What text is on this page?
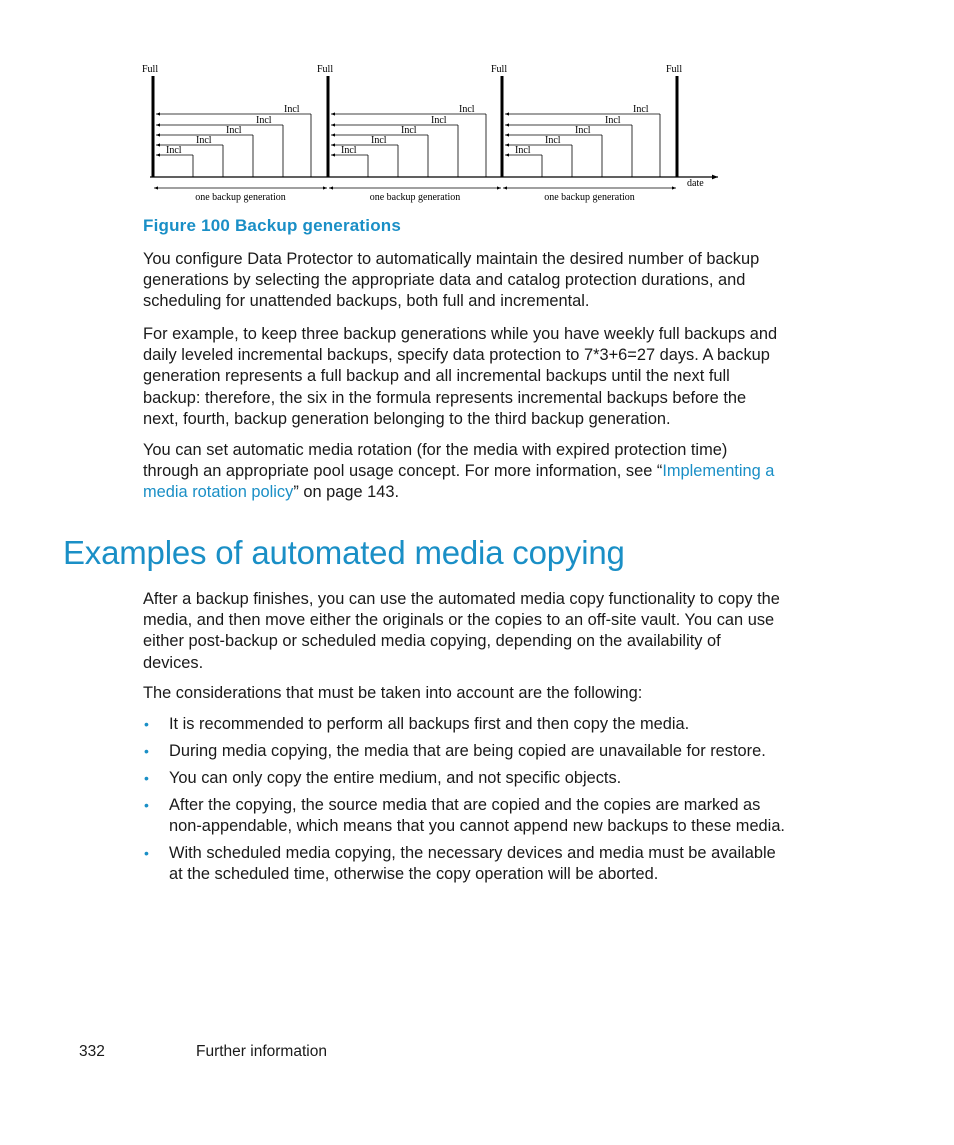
date
Full	Full	Full	Full
Incl
Incl
Incl
Incl
Incl
one backup generation
Incl
Incl
Incl
Incl
Incl
one backup generation
Incl
Incl
Incl
Incl
Incl
one backup generation
Figure 100 Backup generations

You configure Data Protector to automatically maintain the desired number of backup generations by selecting the appropriate data and catalog protection durations, and scheduling for unattended backups, both full and incremental.

For example, to keep three backup generations while you have weekly full backups and daily leveled incremental backups, specify data protection to 7*3+6=27 days. A backup generation represents a full backup and all incremental backups until the next full backup: therefore, the six in the formula represents incremental backups before the next, fourth, backup generation belonging to the third backup generation.

You can set automatic media rotation (for the media with expired protection time) through an appropriate pool usage concept. For more information, see “Implementing a media rotation policy” on page 143.

Examples of automated media copying

After a backup finishes, you can use the automated media copy functionality to copy the media, and then move either the originals or the copies to an off-site vault. You can use either post-backup or scheduled media copying, depending on the availability of devices.

The considerations that must be taken into account are the following:

• It is recommended to perform all backups first and then copy the media.
• During media copying, the media that are being copied are unavailable for restore.
• You can only copy the entire medium, and not specific objects.
• After the copying, the source media that are copied and the copies are marked as non-appendable, which means that you cannot append new backups to these media.
• With scheduled media copying, the necessary devices and media must be available at the scheduled time, otherwise the copy operation will be aborted.
332	Further information
